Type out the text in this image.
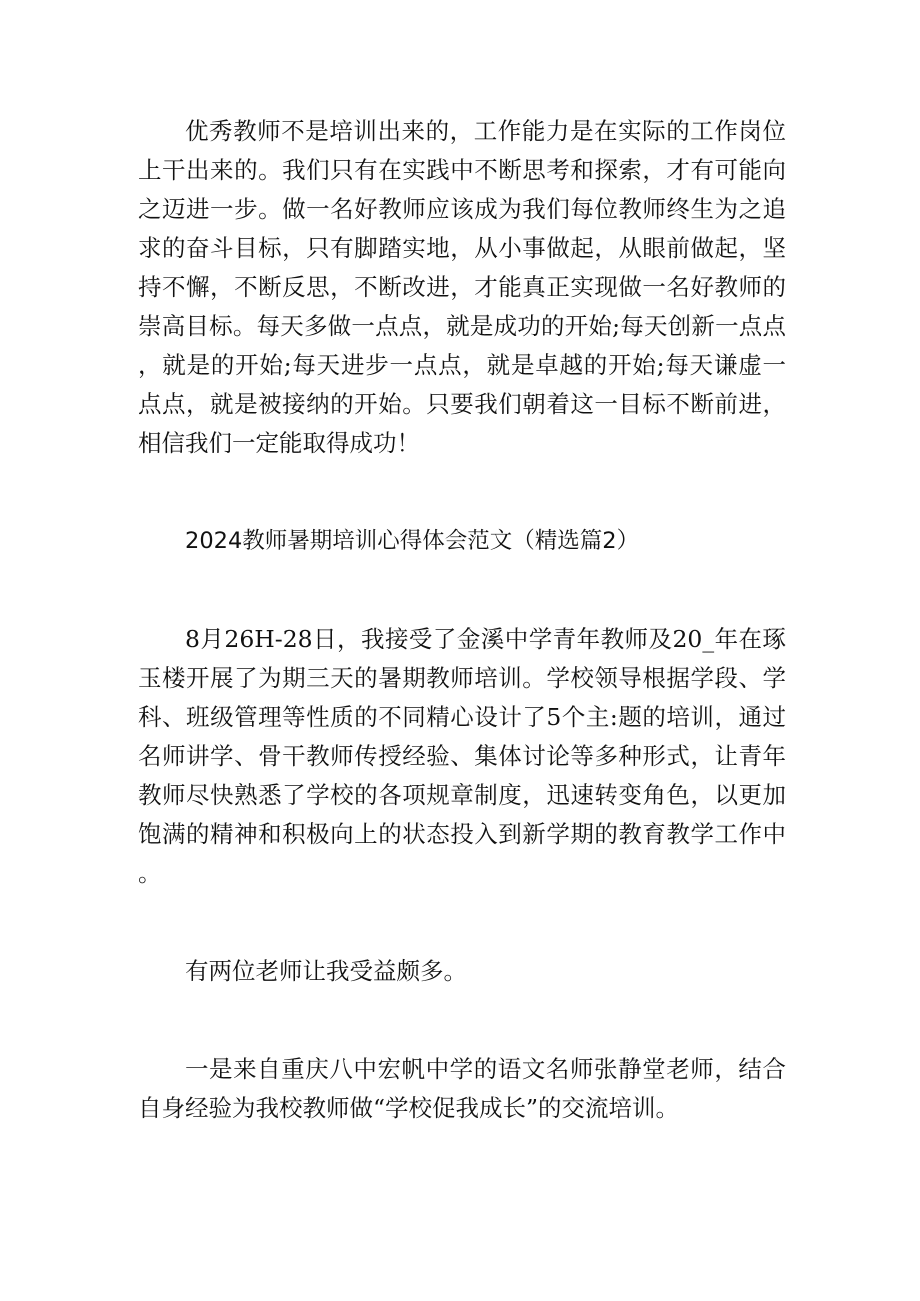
优秀教师不是培训出来的，工作能力是在实际的工作岗位上干出来的。我们只有在实践中不断思考和探索，才有可能向之迈进一步。做一名好教师应该成为我们每位教师终生为之追求的奋斗目标，只有脚踏实地，从小事做起，从眼前做起，坚持不懈，不断反思，不断改进，才能真正实现做一名好教师的崇高目标。每天多做一点点，就是成功的开始;每天创新一点点，就是的开始;每天进步一点点，就是卓越的开始;每天谦虚一点点，就是被接纳的开始。只要我们朝着这一目标不断前进，相信我们一定能取得成功！

2024教师暑期培训心得体会范文（精选篇2）

8月26H-28日，我接受了金溪中学青年教师及20_年在琢玉楼开展了为期三天的暑期教师培训。学校领导根据学段、学科、班级管理等性质的不同精心设计了5个主:题的培训，通过名师讲学、骨干教师传授经验、集体讨论等多种形式，让青年教师尽快熟悉了学校的各项规章制度，迅速转变角色，以更加饱满的精神和积极向上的状态投入到新学期的教育教学工作中。

有两位老师让我受益颇多。

一是来自重庆八中宏帆中学的语文名师张静堂老师，结合自身经验为我校教师做“学校促我成长”的交流培训。
